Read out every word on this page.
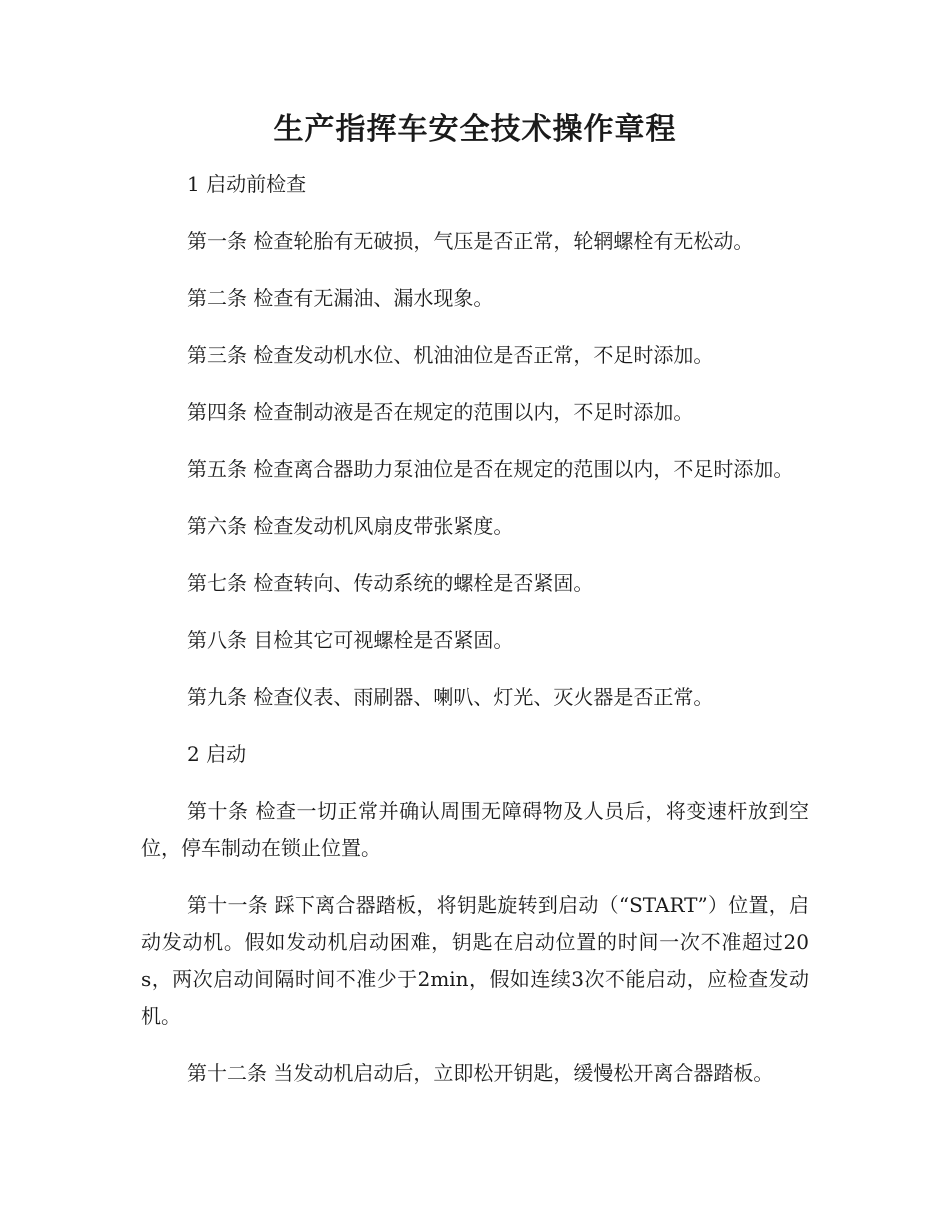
生产指挥车安全技术操作章程

1 启动前检查

第一条 检查轮胎有无破损，气压是否正常，轮辋螺栓有无松动。

第二条 检查有无漏油、漏水现象。

第三条 检查发动机水位、机油油位是否正常，不足时添加。

第四条 检查制动液是否在规定的范围以内，不足时添加。

第五条 检查离合器助力泵油位是否在规定的范围以内，不足时添加。

第六条 检查发动机风扇皮带张紧度。

第七条 检查转向、传动系统的螺栓是否紧固。

第八条 目检其它可视螺栓是否紧固。

第九条 检查仪表、雨刷器、喇叭、灯光、灭火器是否正常。

2 启动

第十条 检查一切正常并确认周围无障碍物及人员后，将变速杆放到空位，停车制动在锁止位置。

第十一条 踩下离合器踏板，将钥匙旋转到启动（“START”）位置，启动发动机。假如发动机启动困难，钥匙在启动位置的时间一次不准超过20s，两次启动间隔时间不准少于2min，假如连续3次不能启动，应检查发动机。

第十二条 当发动机启动后，立即松开钥匙，缓慢松开离合器踏板。
